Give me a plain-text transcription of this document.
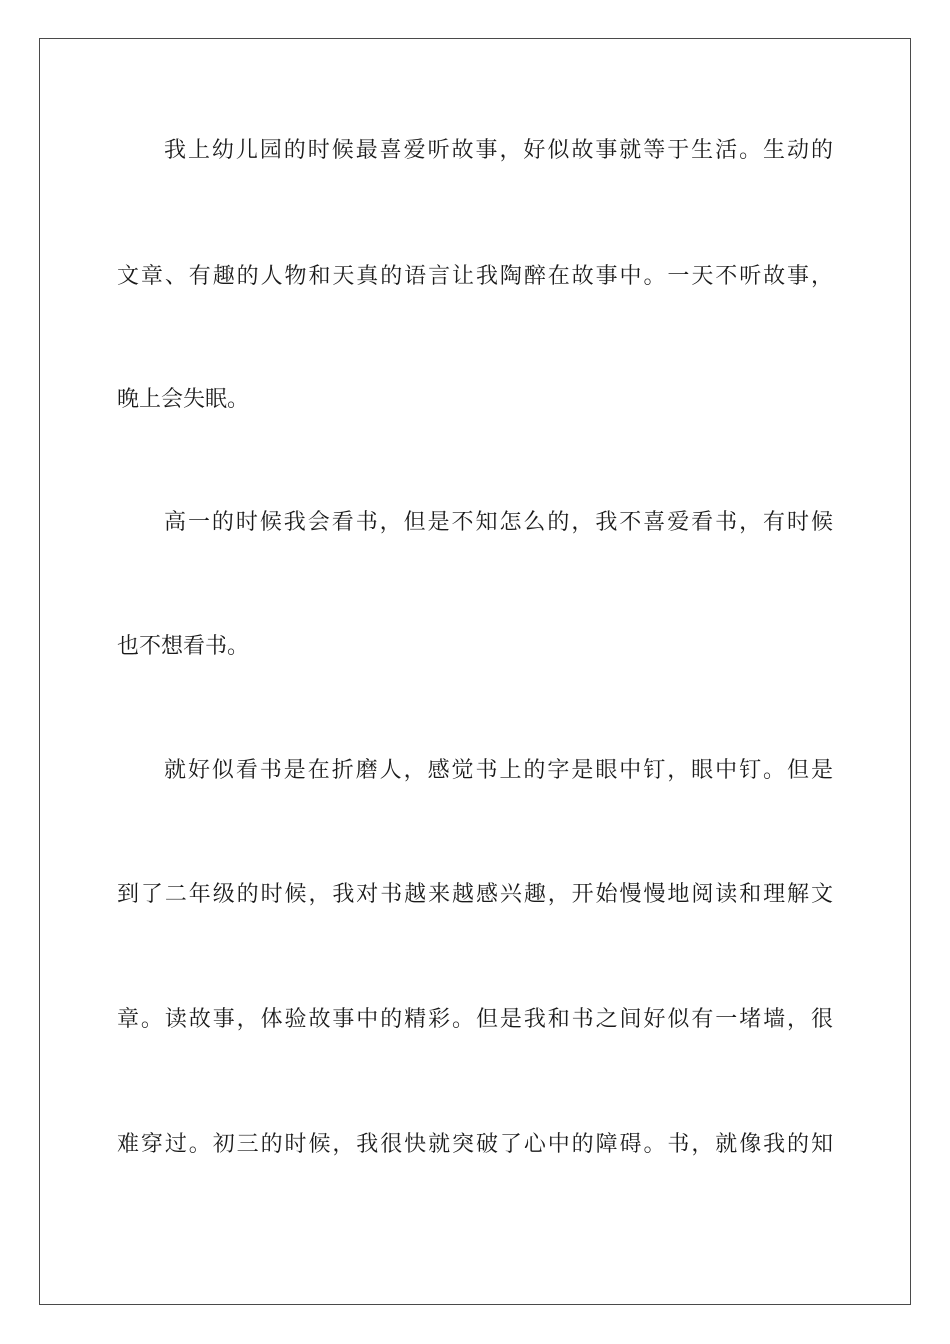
我上幼儿园的时候最喜爱听故事，好似故事就等于生活。生动的
文章、有趣的人物和天真的语言让我陶醉在故事中。一天不听故事，
晚上会失眠。
高一的时候我会看书，但是不知怎么的，我不喜爱看书，有时候
也不想看书。
就好似看书是在折磨人，感觉书上的字是眼中钉，眼中钉。但是
到了二年级的时候，我对书越来越感兴趣，开始慢慢地阅读和理解文
章。读故事，体验故事中的精彩。但是我和书之间好似有一堵墙，很
难穿过。初三的时候，我很快就突破了心中的障碍。书，就像我的知
